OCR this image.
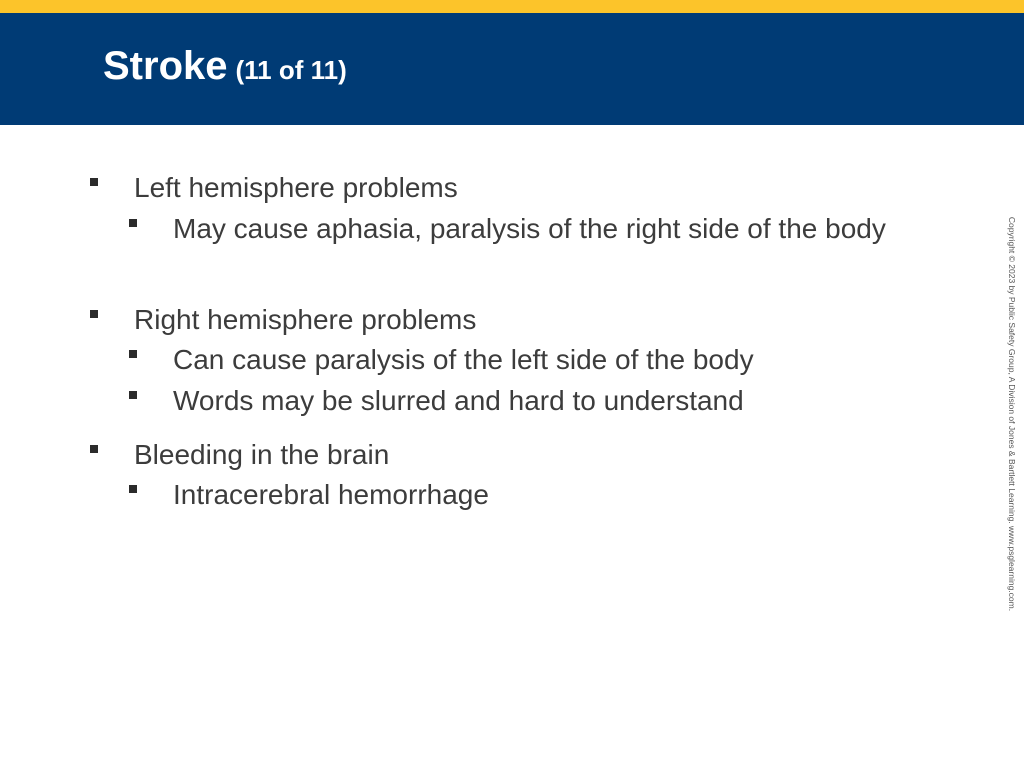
Stroke (11 of 11)
Left hemisphere problems
May cause aphasia, paralysis of the right side of the body
Right hemisphere problems
Can cause paralysis of the left side of the body
Words may be slurred and hard to understand
Bleeding in the brain
Intracerebral hemorrhage	Copyright © 2023 by Public Safety Group, A Division of Jones & Bartlett Learning. www.psglearning.com.
